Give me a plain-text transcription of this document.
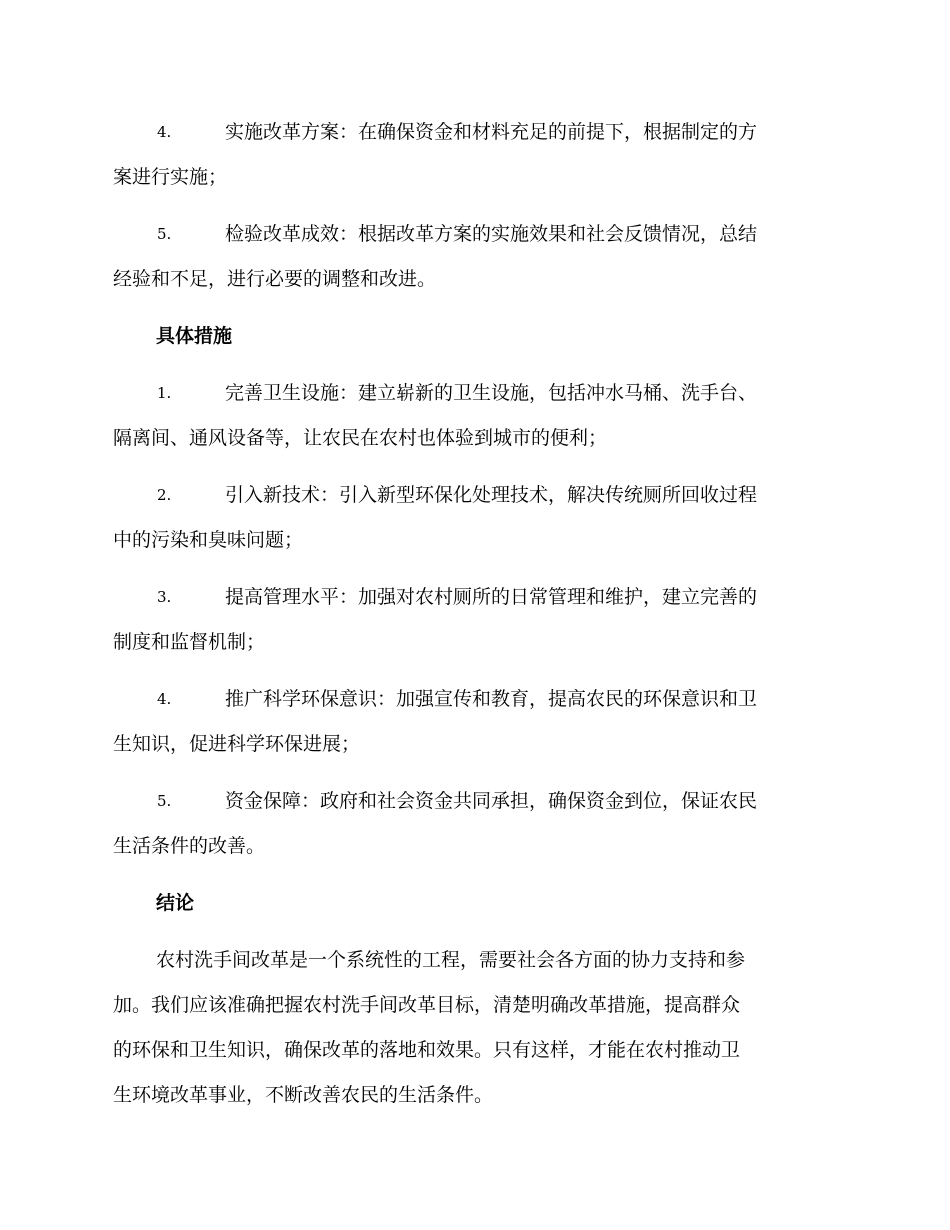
4.	实施改革方案：在确保资金和材料充足的前提下，根据制定的方
案进行实施；
5.	检验改革成效：根据改革方案的实施效果和社会反馈情况，总结
经验和不足，进行必要的调整和改进。
具体措施
1.	完善卫生设施：建立崭新的卫生设施，包括冲水马桶、洗手台、
隔离间、通风设备等，让农民在农村也体验到城市的便利；
2.	引入新技术：引入新型环保化处理技术，解决传统厕所回收过程
中的污染和臭味问题；
3.	提高管理水平：加强对农村厕所的日常管理和维护，建立完善的
制度和监督机制；
4.	推广科学环保意识：加强宣传和教育，提高农民的环保意识和卫
生知识，促进科学环保进展；
5.	资金保障：政府和社会资金共同承担，确保资金到位，保证农民
生活条件的改善。
结论

农村洗手间改革是一个系统性的工程，需要社会各方面的协力支持和参
加。我们应该准确把握农村洗手间改革目标，清楚明确改革措施，提高群众
的环保和卫生知识，确保改革的落地和效果。只有这样，才能在农村推动卫
生环境改革事业，不断改善农民的生活条件。
